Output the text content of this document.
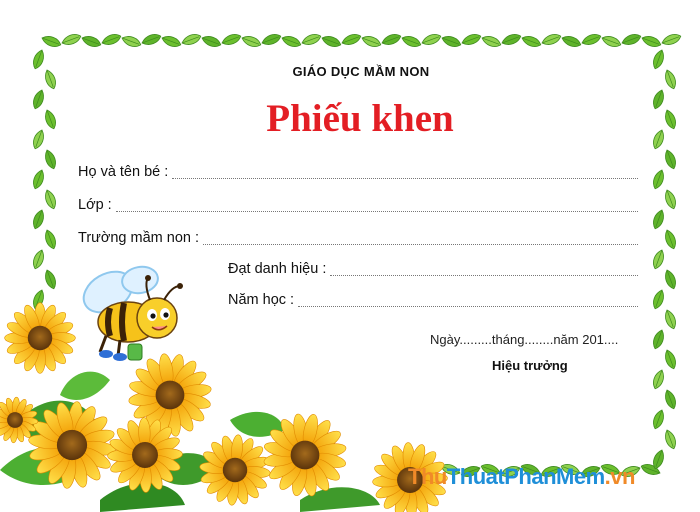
GIÁO DỤC MẦM NON
Phiếu khen
Họ và tên bé :
Lớp :
Trường mầm non :
Đạt danh hiệu :
Năm học :
Ngày.........tháng........năm 201....
Hiệu trưởng
ThuThuatPhanMem.vn
